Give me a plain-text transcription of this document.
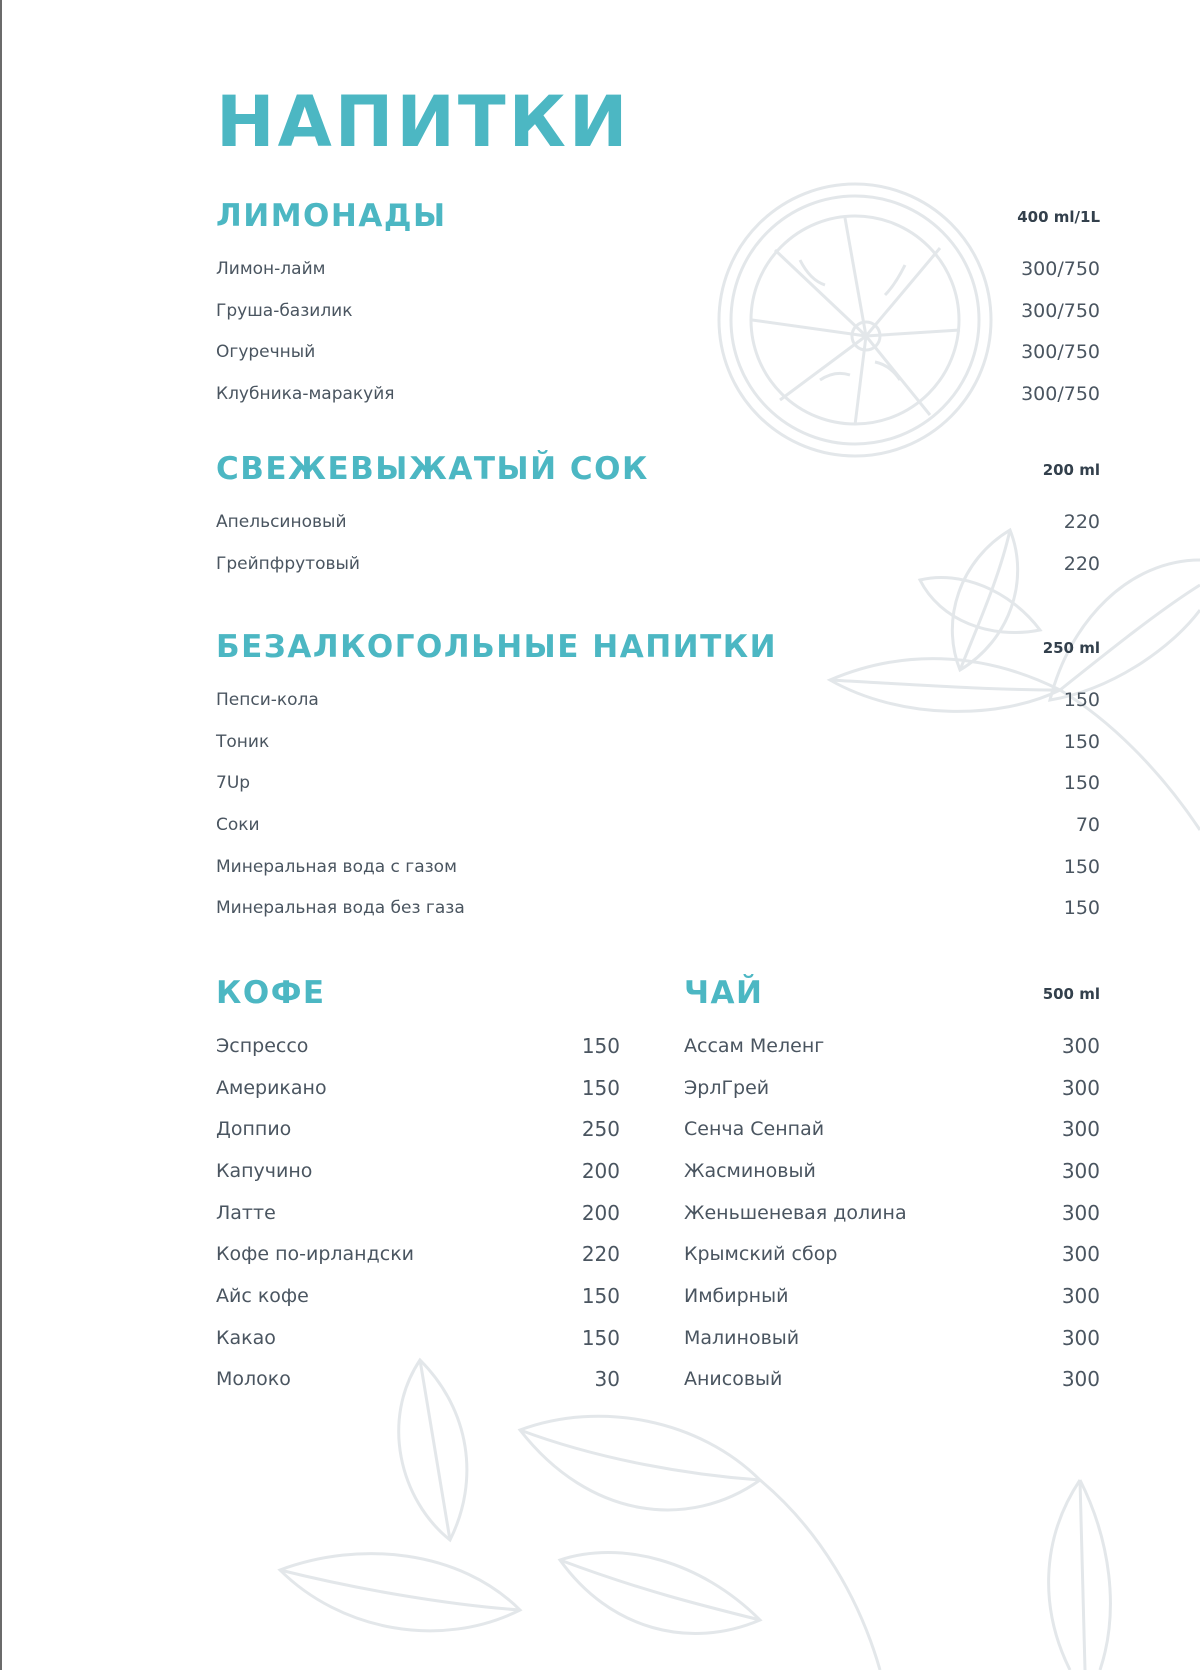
НАПИТКИ
ЛИМОНАДЫ	400 ml/1L
Лимон-лайм	300/750
Груша-базилик	300/750
Огуречный	300/750
Клубника-маракуйя	300/750
СВЕЖЕВЫЖАТЫЙ СОК	200 ml
Апельсиновый	220
Грейпфрутовый	220
БЕЗАЛКОГОЛЬНЫЕ НАПИТКИ	250 ml
Пепси-кола	150
Тоник	150
7Up	150
Соки	70
Минеральная вода с газом	150
Минеральная вода без газа	150
КОФЕ
Эспрессо	150
Американо	150
Доппио	250
Капучино	200
Латте	200
Кофе по-ирландски	220
Айс кофе	150
Какао	150
Молоко	30
ЧАЙ	500 ml
Ассам Меленг	300
ЭрлГрей	300
Сенча Сенпай	300
Жасминовый	300
Женьшеневая долина	300
Крымский сбор	300
Имбирный	300
Малиновый	300
Анисовый	300
